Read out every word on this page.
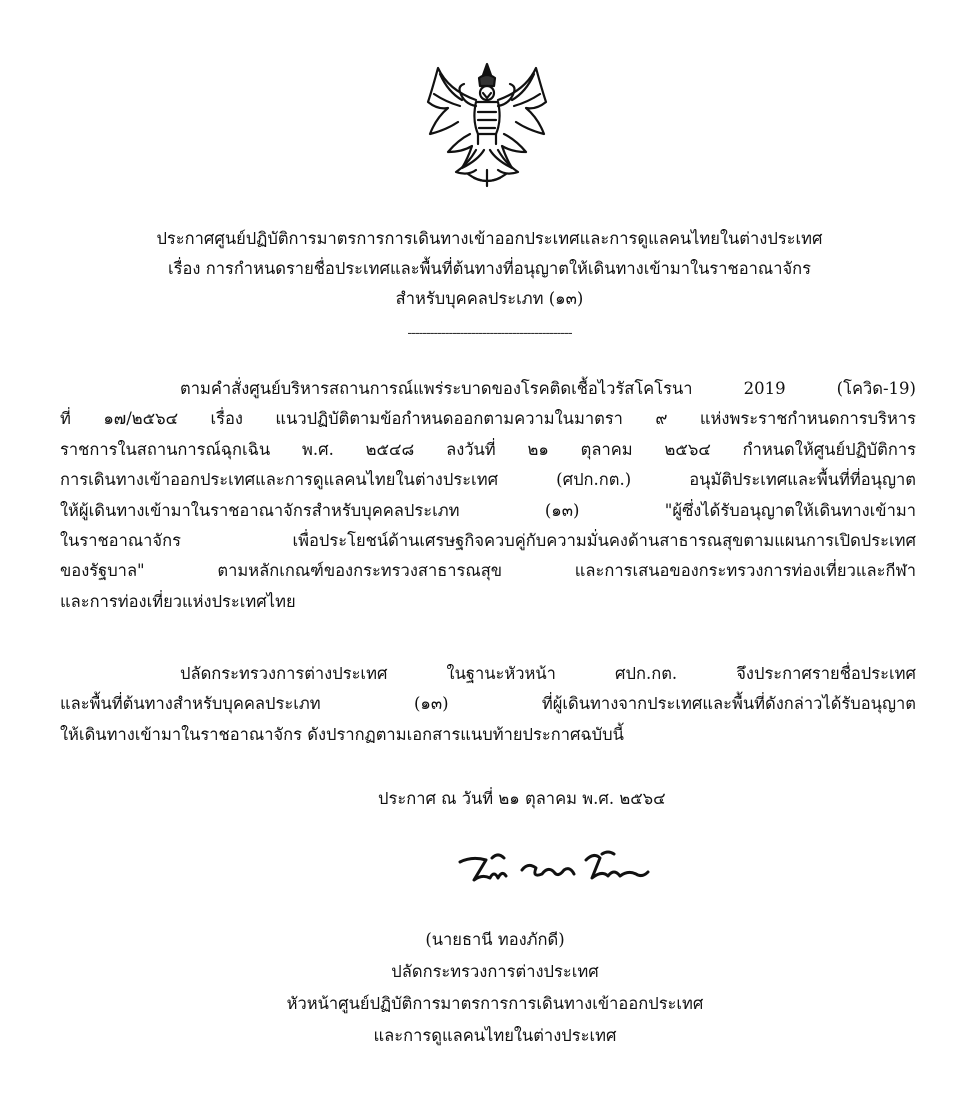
ประกาศศูนย์ปฏิบัติการมาตรการการเดินทางเข้าออกประเทศและการดูแลคนไทยในต่างประเทศ
เรื่อง การกำหนดรายชื่อประเทศและพื้นที่ต้นทางที่อนุญาตให้เดินทางเข้ามาในราชอาณาจักร
สำหรับบุคคลประเภท (๑๓)
--------------------------------------------
ตามคำสั่งศูนย์บริหารสถานการณ์แพร่ระบาดของโรคติดเชื้อไวรัสโคโรนา 2019 (โควิด-19)
ที่ ๑๗/๒๕๖๔ เรื่อง แนวปฏิบัติตามข้อกำหนดออกตามความในมาตรา ๙ แห่งพระราชกำหนดการบริหาร
ราชการในสถานการณ์ฉุกเฉิน พ.ศ. ๒๕๔๘ ลงวันที่ ๒๑ ตุลาคม ๒๕๖๔ กำหนดให้ศูนย์ปฏิบัติการ
การเดินทางเข้าออกประเทศและการดูแลคนไทยในต่างประเทศ (ศปก.กต.) อนุมัติประเทศและพื้นที่ที่อนุญาต
ให้ผู้เดินทางเข้ามาในราชอาณาจักรสำหรับบุคคลประเภท (๑๓) "ผู้ซึ่งได้รับอนุญาตให้เดินทางเข้ามา
ในราชอาณาจักร เพื่อประโยชน์ด้านเศรษฐกิจควบคู่กับความมั่นคงด้านสาธารณสุขตามแผนการเปิดประเทศ
ของรัฐบาล" ตามหลักเกณฑ์ของกระทรวงสาธารณสุข และการเสนอของกระทรวงการท่องเที่ยวและกีฬา
และการท่องเที่ยวแห่งประเทศไทย
ปลัดกระทรวงการต่างประเทศ ในฐานะหัวหน้า ศปก.กต. จึงประกาศรายชื่อประเทศ
และพื้นที่ต้นทางสำหรับบุคคลประเภท (๑๓) ที่ผู้เดินทางจากประเทศและพื้นที่ดังกล่าวได้รับอนุญาต
ให้เดินทางเข้ามาในราชอาณาจักร ดังปรากฏตามเอกสารแนบท้ายประกาศฉบับนี้
ประกาศ ณ วันที่ ๒๑ ตุลาคม พ.ศ. ๒๕๖๔
(นายธานี ทองภักดี)
ปลัดกระทรวงการต่างประเทศ
หัวหน้าศูนย์ปฏิบัติการมาตรการการเดินทางเข้าออกประเทศ
และการดูแลคนไทยในต่างประเทศ
